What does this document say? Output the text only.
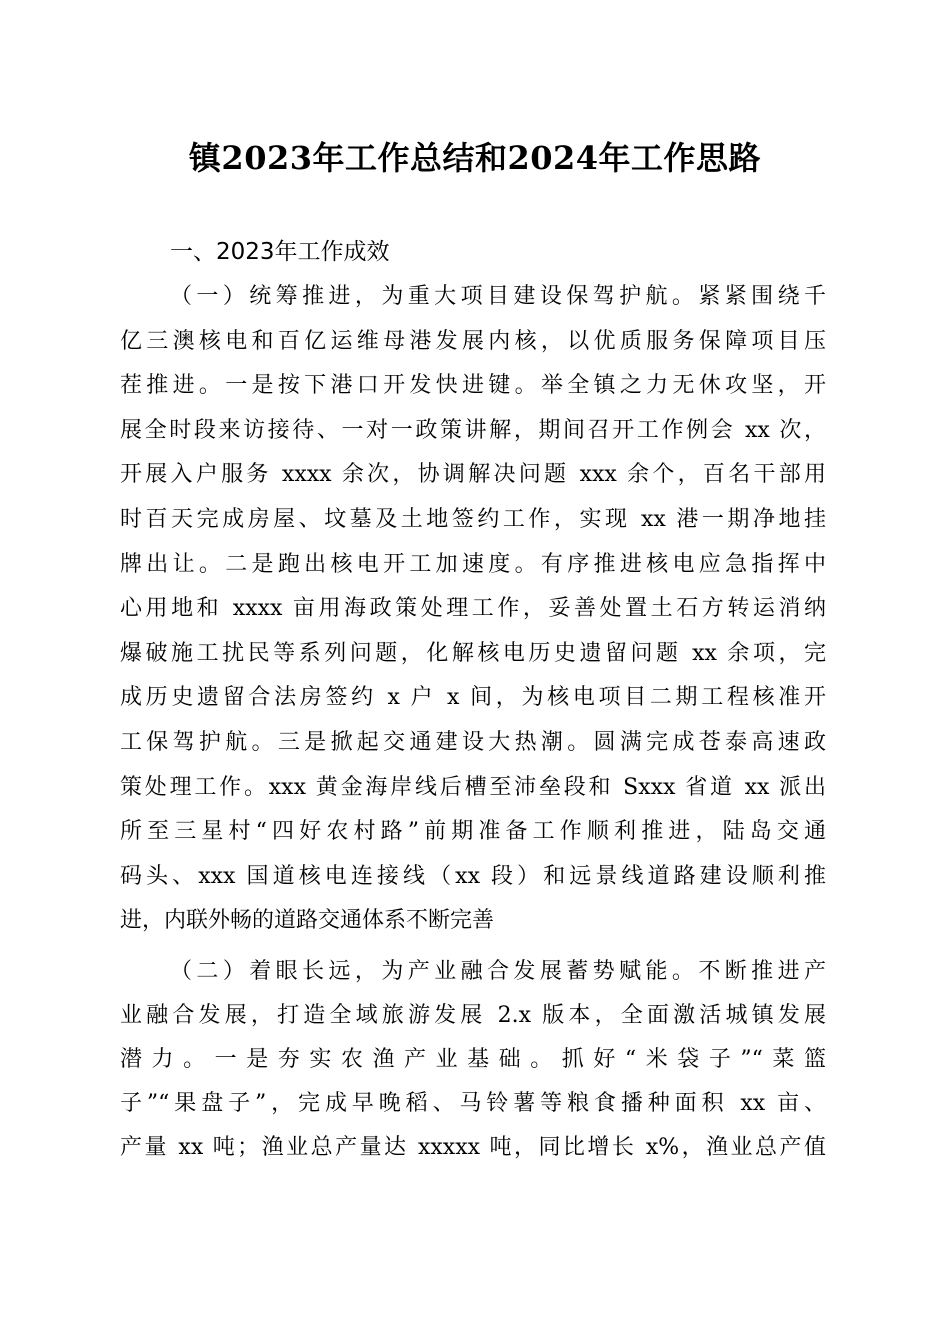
镇2023年工作总结和2024年工作思路
一、2023年工作成效
（一）统筹推进，为重大项目建设保驾护航。紧紧围绕千
亿三澳核电和百亿运维母港发展内核，以优质服务保障项目压
茬推进。一是按下港口开发快进键。举全镇之力无休攻坚，开
展全时段来访接待、一对一政策讲解，期间召开工作例会 xx 次，
开展入户服务 xxxx 余次，协调解决问题 xxx 余个，百名干部用
时百天完成房屋、坟墓及土地签约工作，实现 xx 港一期净地挂
牌出让。二是跑出核电开工加速度。有序推进核电应急指挥中
心用地和 xxxx 亩用海政策处理工作，妥善处置土石方转运消纳
爆破施工扰民等系列问题，化解核电历史遗留问题 xx 余项，完
成历史遗留合法房签约 x 户 x 间，为核电项目二期工程核准开
工保驾护航。三是掀起交通建设大热潮。圆满完成苍泰高速政
策处理工作。xxx 黄金海岸线后槽至沛垒段和 Sxxx 省道 xx 派出
所至三星村“四好农村路”前期准备工作顺利推进，陆岛交通
码头、xxx 国道核电连接线（xx 段）和远景线道路建设顺利推
进，内联外畅的道路交通体系不断完善
（二）着眼长远，为产业融合发展蓄势赋能。不断推进产
业融合发展，打造全域旅游发展 2.x 版本，全面激活城镇发展
潜力。一是夯实农渔产业基础。抓好“米袋子”“菜篮
子”“果盘子”，完成早晚稻、马铃薯等粮食播种面积 xx 亩、
产量 xx 吨；渔业总产量达 xxxxx 吨，同比增长 x%，渔业总产值
